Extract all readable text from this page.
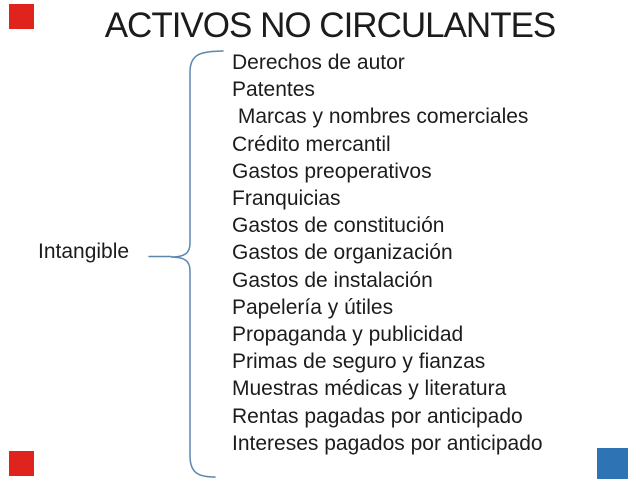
ACTIVOS NO CIRCULANTES
Intangible
Derechos de autor
Patentes
Marcas y nombres comerciales
Crédito mercantil
Gastos preoperativos
Franquicias
Gastos de constitución
Gastos de organización
Gastos de instalación
Papelería y útiles
Propaganda y publicidad
Primas de seguro y fianzas
Muestras médicas y literatura
Rentas pagadas por anticipado
Intereses pagados por anticipado
